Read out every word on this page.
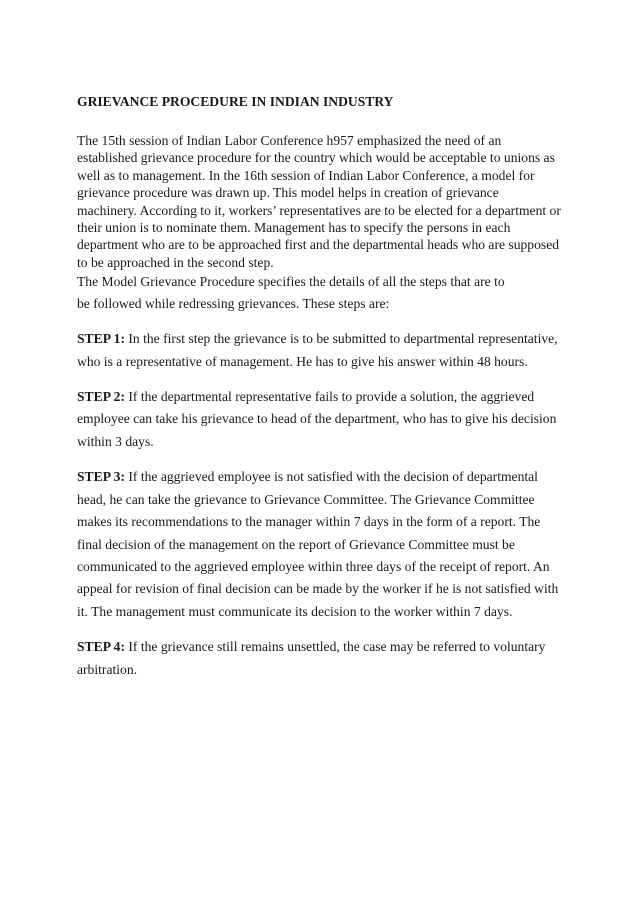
GRIEVANCE PROCEDURE IN INDIAN INDUSTRY

The 15th session of Indian Labor Conference h957 emphasized the need of an established grievance procedure for the country which would be acceptable to unions as well as to management. In the 16th session of Indian Labor Conference, a model for grievance procedure was drawn up. This model helps in creation of grievance machinery. According to it, workers’ representatives are to be elected for a department or their union is to nominate them. Management has to specify the persons in each department who are to be approached first and the departmental heads who are supposed to be approached in the second step.

The Model Grievance Procedure specifies the details of all the steps that are to
be followed while redressing grievances. These steps are:

STEP 1: In the first step the grievance is to be submitted to departmental representative, who is a representative of management. He has to give his answer within 48 hours.

STEP 2: If the departmental representative fails to provide a solution, the aggrieved employee can take his grievance to head of the department, who has to give his decision within 3 days.

STEP 3: If the aggrieved employee is not satisfied with the decision of departmental head, he can take the grievance to Grievance Committee. The Grievance Committee makes its recommendations to the manager within 7 days in the form of a report. The final decision of the management on the report of Grievance Committee must be communicated to the aggrieved employee within three days of the receipt of report. An appeal for revision of final decision can be made by the worker if he is not satisfied with it. The management must communicate its decision to the worker within 7 days.

STEP 4: If the grievance still remains unsettled, the case may be referred to voluntary arbitration.
